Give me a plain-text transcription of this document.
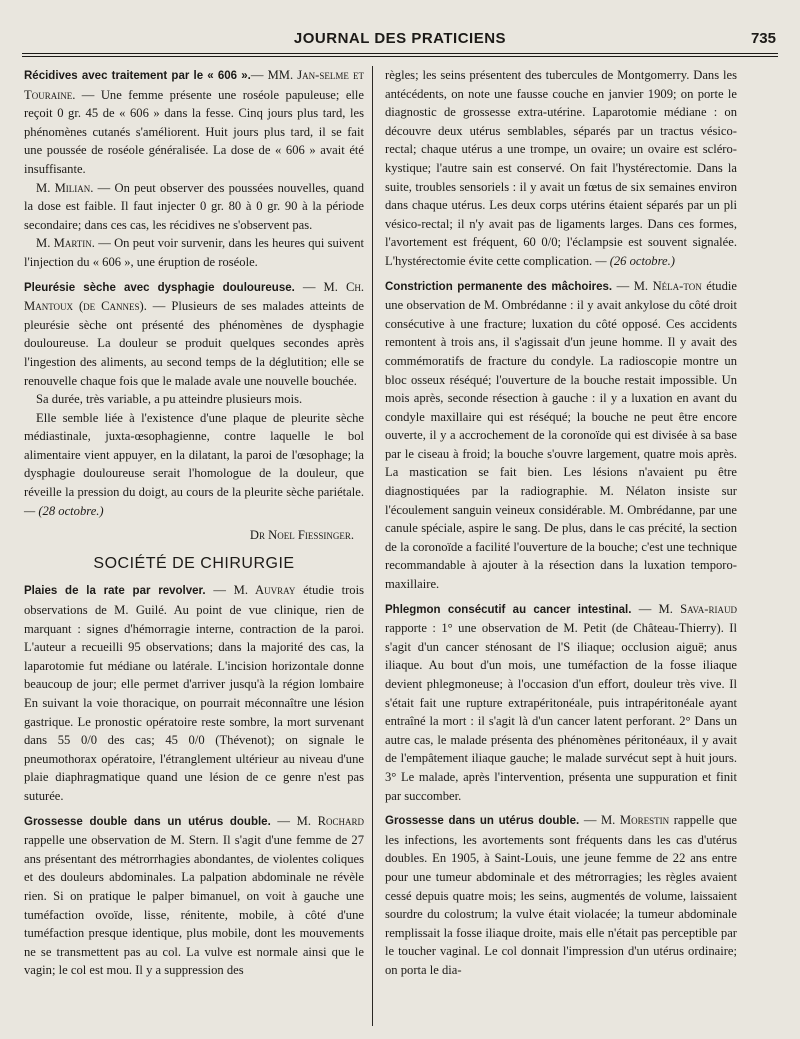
JOURNAL DES PRATICIENS	735

Récidives avec traitement par le « 606 ».— MM. Jan-selme et Touraine. — Une femme présente une roséole papuleuse; elle reçoit 0 gr. 45 de « 606 » dans la fesse. Cinq jours plus tard, les phénomènes cutanés s'améliorent. Huit jours plus tard, il se fait une poussée de roséole généralisée. La dose de « 606 » avait été insuffisante.

M. Milian. — On peut observer des poussées nouvelles, quand la dose est faible. Il faut injecter 0 gr. 80 à 0 gr. 90 à la période secondaire; dans ces cas, les récidives ne s'observent pas.

M. Martin. — On peut voir survenir, dans les heures qui suivent l'injection du « 606 », une éruption de roséole.

Pleurésie sèche avec dysphagie douloureuse. — M. Ch. Mantoux (de Cannes). — Plusieurs de ses malades atteints de pleurésie sèche ont présenté des phénomènes de dysphagie douloureuse. La douleur se produit quelques secondes après l'ingestion des aliments, au second temps de la déglutition; elle se renouvelle chaque fois que le malade avale une nouvelle bouchée.

Sa durée, très variable, a pu atteindre plusieurs mois.

Elle semble liée à l'existence d'une plaque de pleurite sèche médiastinale, juxta-œsophagienne, contre laquelle le bol alimentaire vient appuyer, en la dilatant, la paroi de l'œsophage; la dysphagie douloureuse serait l'homologue de la douleur, que réveille la pression du doigt, au cours de la pleurite sèche pariétale. — (28 octobre.)

Dr Noel Fiessinger.
SOCIÉTÉ DE CHIRURGIE

Plaies de la rate par revolver. — M. Auvray étudie trois observations de M. Guilé. Au point de vue clinique, rien de marquant : signes d'hémorragie interne, contraction de la paroi. L'auteur a recueilli 95 observations; dans la majorité des cas, la laparotomie fut médiane ou latérale. L'incision horizontale donne beaucoup de jour; elle permet d'arriver jusqu'à la région lombaire En suivant la voie thoracique, on pourrait méconnaître une lésion gastrique. Le pronostic opératoire reste sombre, la mort survenant dans 55 0/0 des cas; 45 0/0 (Thévenot); on signale le pneumothorax opératoire, l'étranglement ultérieur au niveau d'une plaie diaphragmatique quand une lésion de ce genre n'est pas suturée.

Grossesse double dans un utérus double. — M. Rochard rappelle une observation de M. Stern. Il s'agit d'une femme de 27 ans présentant des métrorrhagies abondantes, de violentes coliques et des douleurs abdominales. La palpation abdominale ne révèle rien. Si on pratique le palper bimanuel, on voit à gauche une tuméfaction ovoïde, lisse, rénitente, mobile, à côté d'une tuméfaction presque identique, plus mobile, dont les mouvements ne se transmettent pas au col. La vulve est normale ainsi que le vagin; le col est mou. Il y a suppression des

règles; les seins présentent des tubercules de Montgomerry. Dans les antécédents, on note une fausse couche en janvier 1909; on porte le diagnostic de grossesse extra-utérine. Laparotomie médiane : on découvre deux utérus semblables, séparés par un tractus vésico-rectal; chaque utérus a une trompe, un ovaire; un ovaire est scléro-kystique; l'autre sain est conservé. On fait l'hystérectomie. Dans la suite, troubles sensoriels : il y avait un fœtus de six semaines environ dans chaque utérus. Les deux corps utérins étaient séparés par un pli vésico-rectal; il n'y avait pas de ligaments larges. Dans ces formes, l'avortement est fréquent, 60 0/0; l'éclampsie est souvent signalée. L'hystérectomie évite cette complication. — (26 octobre.)

Constriction permanente des mâchoires. — M. Néla-ton étudie une observation de M. Ombrédanne : il y avait ankylose du côté droit consécutive à une fracture; luxation du côté opposé. Ces accidents remontent à trois ans, il s'agissait d'un jeune homme. Il y avait des commémoratifs de fracture du condyle. La radioscopie montre un bloc osseux réséqué; l'ouverture de la bouche restait impossible. Un mois après, seconde résection à gauche : il y a luxation en avant du condyle maxillaire qui est réséqué; la bouche ne peut être encore ouverte, il y a accrochement de la coronoïde qui est divisée à sa base par le ciseau à froid; la bouche s'ouvre largement, quatre mois après. La mastication se fait bien. Les lésions n'avaient pu être diagnostiquées par la radiographie. M. Nélaton insiste sur l'écoulement sanguin veineux considérable. M. Ombrédanne, par une canule spéciale, aspire le sang. De plus, dans le cas précité, la section de la coronoïde a facilité l'ouverture de la bouche; c'est une technique recommandable à ajouter à la résection dans la luxation temporo-maxillaire.

Phlegmon consécutif au cancer intestinal. — M. Sava-riaud rapporte : 1° une observation de M. Petit (de Château-Thierry). Il s'agit d'un cancer sténosant de l'S iliaque; occlusion aiguë; anus iliaque. Au bout d'un mois, une tuméfaction de la fosse iliaque devient phlegmoneuse; à l'occasion d'un effort, douleur très vive. Il s'était fait une rupture extrapéritonéale, puis intrapéritonéale ayant entraîné la mort : il s'agit là d'un cancer latent perforant. 2° Dans un autre cas, le malade présenta des phénomènes péritonéaux, il y avait de l'empâtement iliaque gauche; le malade survécut sept à huit jours. 3° Le malade, après l'intervention, présenta une suppuration et finit par succomber.

Grossesse dans un utérus double. — M. Morestin rappelle que les infections, les avortements sont fréquents dans les cas d'utérus doubles. En 1905, à Saint-Louis, une jeune femme de 22 ans entre pour une tumeur abdominale et des métrorragies; les règles avaient cessé depuis quatre mois; les seins, augmentés de volume, laissaient sourdre du colostrum; la vulve était violacée; la tumeur abdominale remplissait la fosse iliaque droite, mais elle n'était pas perceptible par le toucher vaginal. Le col donnait l'impression d'un utérus ordinaire; on porta le dia-
